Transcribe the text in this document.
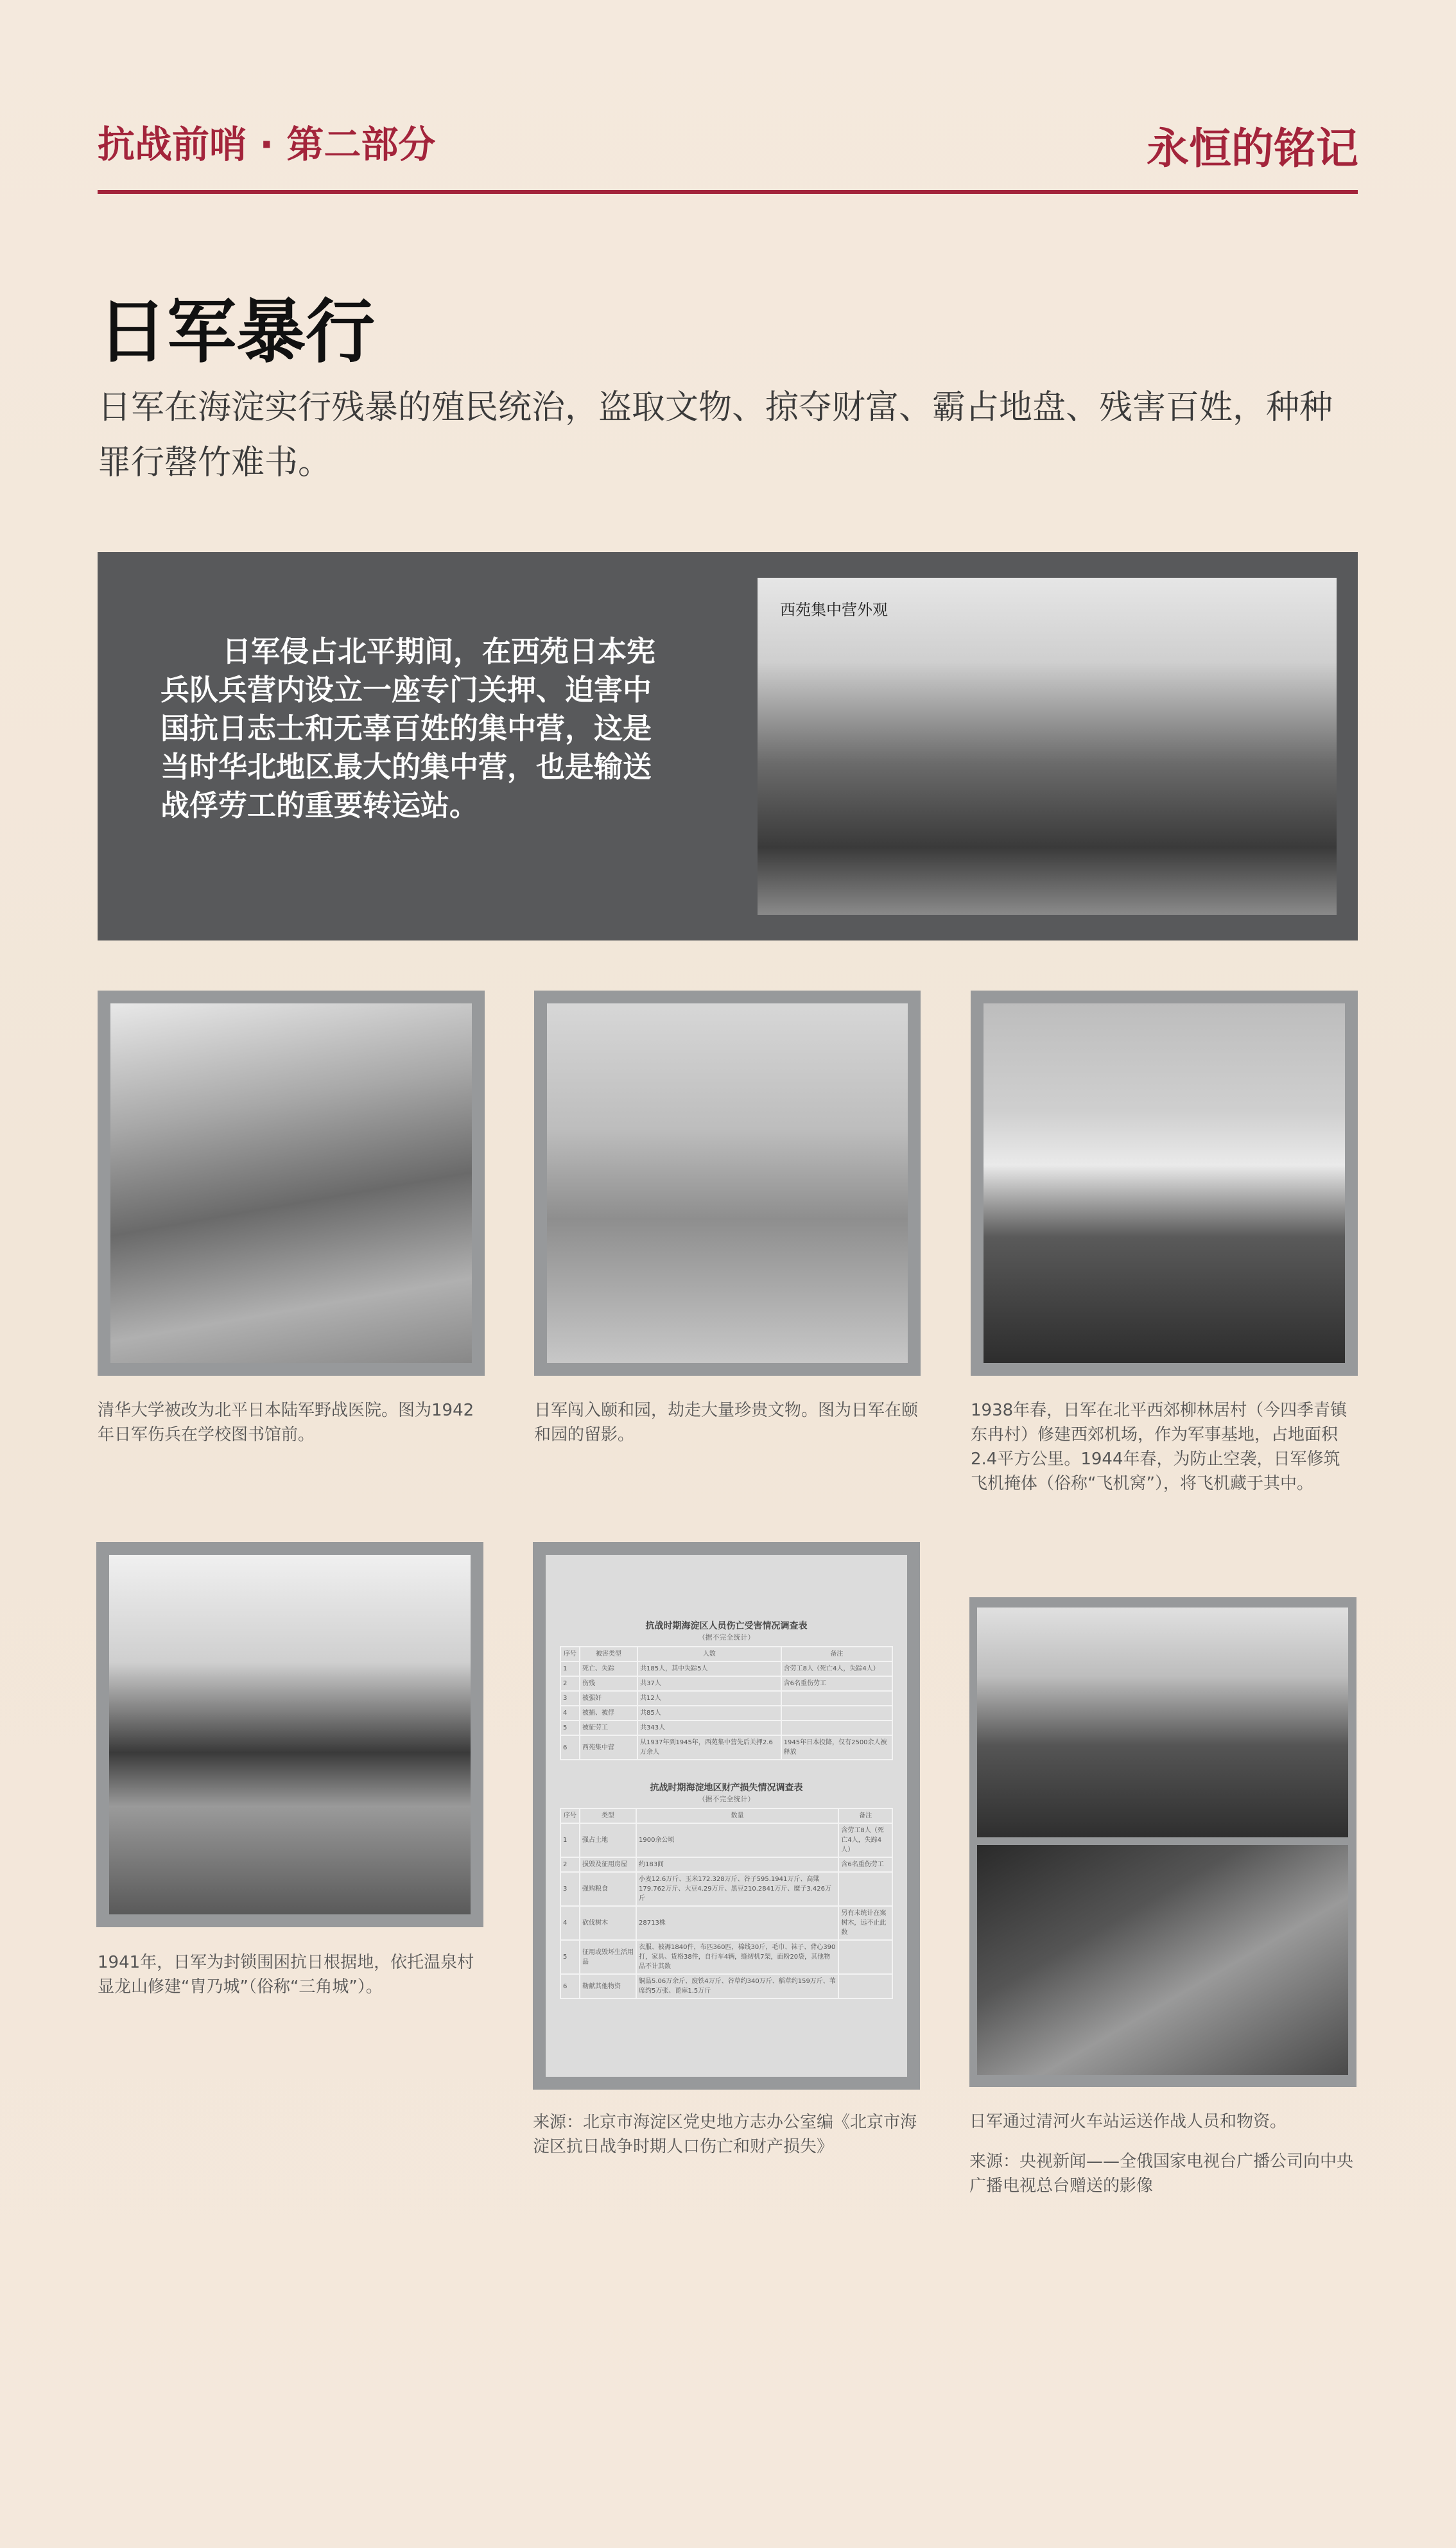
抗战前哨 · 第二部分	永恒的铭记
日军暴行
日军在海淀实行残暴的殖民统治，盗取文物、掠夺财富、霸占地盘、残害百姓，种种罪行罄竹难书。
日军侵占北平期间，在西苑日本宪兵队兵营内设立一座专门关押、迫害中国抗日志士和无辜百姓的集中营，这是当时华北地区最大的集中营，也是输送战俘劳工的重要转运站。
西苑集中营外观
清华大学被改为北平日本陆军野战医院。图为1942年日军伤兵在学校图书馆前。
日军闯入颐和园，劫走大量珍贵文物。图为日军在颐和园的留影。
1938年春，日军在北平西郊柳林居村（今四季青镇东冉村）修建西郊机场，作为军事基地，占地面积2.4平方公里。1944年春，为防止空袭，日军修筑飞机掩体（俗称“飞机窝”），将飞机藏于其中。
抗战时期海淀区人员伤亡受害情况调查表
（据不完全统计）
序号	被害类型	人数	备注
1	死亡、失踪	共185人，其中失踪5人	含劳工8人（死亡4人，失踪4人）
2	伤残	共37人	含6名重伤劳工
3	被强奸	共12人	
4	被捕、被俘	共85人	
5	被征劳工	共343人	
6	西苑集中营	从1937年到1945年，西苑集中营先后关押2.6万余人	1945年日本投降，仅有2500余人被释放
抗战时期海淀地区财产损失情况调查表
（据不完全统计）
序号	类型	数量	备注
1	强占土地	1900余公顷	含劳工8人（死亡4人，失踪4人）
2	损毁及征用房屋	约183间	含6名重伤劳工
3	强购粮食	小麦12.6万斤、玉米172.328万斤、谷子595.1941万斤、高粱179.762万斤、大豆4.29万斤、黑豆210.2841万斤、糜子3.426万斤	
4	砍伐树木	28713株	另有未统计在案树木，远不止此数
5	征用或毁坏生活用品	衣服、被褥1840件，布匹360匹，棉线30斤，毛巾、袜子、背心390打，家具、货格38件，自行车4辆，缝纫机7架，面粉20袋，其他物品不计其数	
6	勒献其他物资	铜品5.06万余斤、废铁4万斤、谷草约340万斤、稻草约159万斤、苇席约5万张、蓖麻1.5万斤	
1941年，日军为封锁围困抗日根据地，依托温泉村显龙山修建“胄乃城”（俗称“三角城”）。
来源：北京市海淀区党史地方志办公室编《北京市海淀区抗日战争时期人口伤亡和财产损失》
日军通过清河火车站运送作战人员和物资。
来源：央视新闻——全俄国家电视台广播公司向中央广播电视总台赠送的影像
